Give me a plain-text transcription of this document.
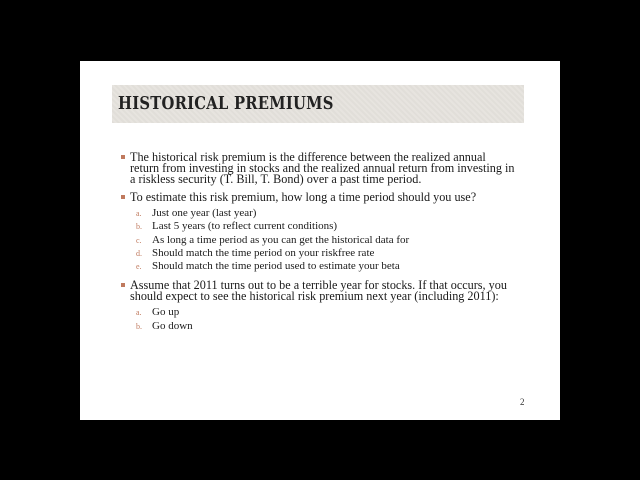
HISTORICAL PREMIUMS
The historical risk premium is the difference between the realized annual return from investing in stocks and the realized annual return from investing in a riskless security (T. Bill, T. Bond) over a past time period.
To estimate this risk premium, how long a time period should you use?
a. Just one year (last year)
b. Last 5 years (to reflect current conditions)
c. As long a time period as you can get the historical data for
d. Should match the time period on your riskfree rate
e. Should match the time period used to estimate your beta
Assume that 2011 turns out to be a terrible year for stocks. If that occurs, you should expect to see the historical risk premium next year (including 2011):
a. Go up
b. Go down
2
